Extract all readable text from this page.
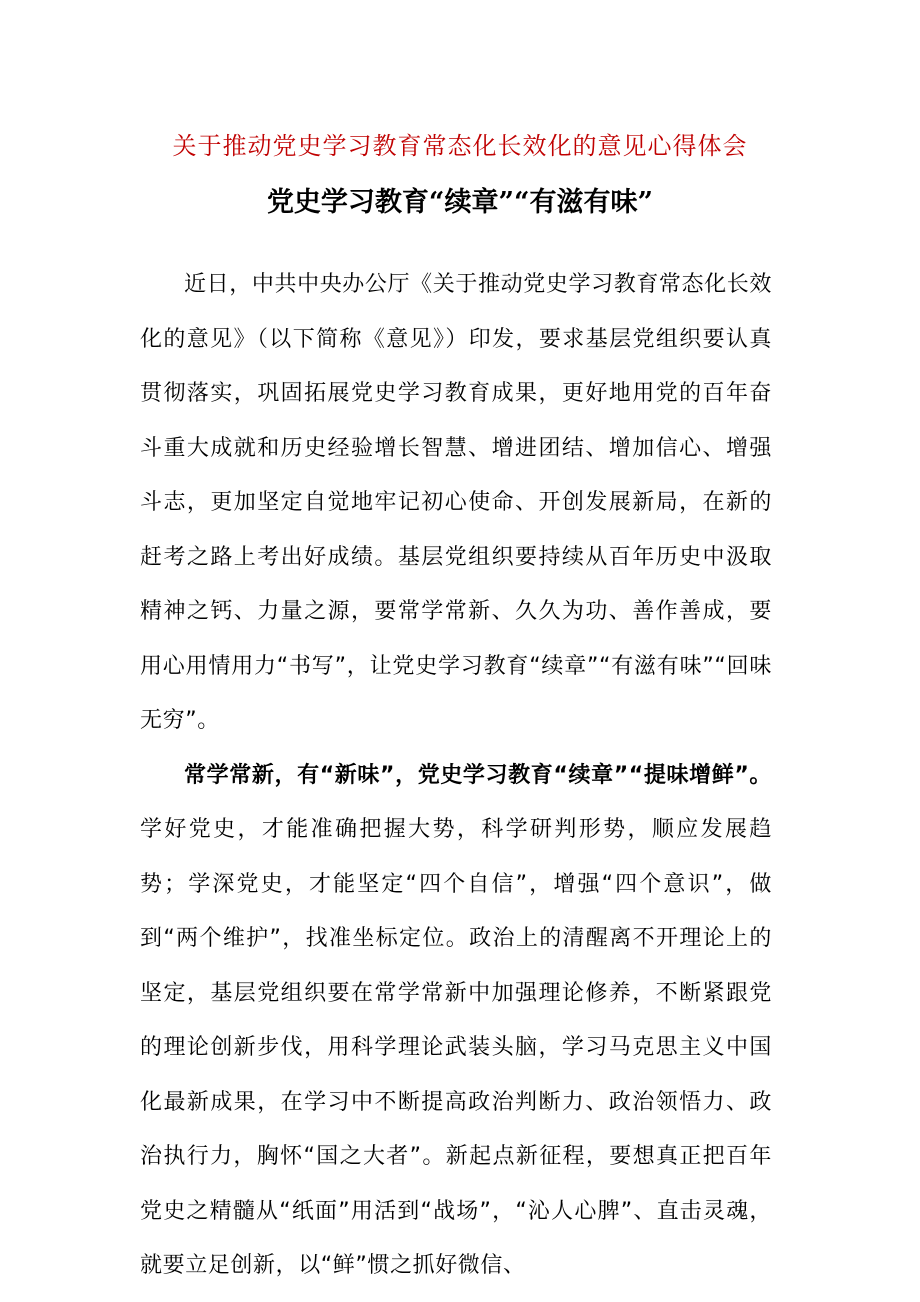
关于推动党史学习教育常态化长效化的意见心得体会
党史学习教育“续章”“有滋有味”

近日，中共中央办公厅《关于推动党史学习教育常态化长效化的意见》（以下简称《意见》）印发，要求基层党组织要认真贯彻落实，巩固拓展党史学习教育成果，更好地用党的百年奋斗重大成就和历史经验增长智慧、增进团结、增加信心、增强斗志，更加坚定自觉地牢记初心使命、开创发展新局，在新的赶考之路上考出好成绩。基层党组织要持续从百年历史中汲取精神之钙、力量之源，要常学常新、久久为功、善作善成，要用心用情用力“书写”，让党史学习教育“续章”“有滋有味”“回味无穷”。

常学常新，有“新味”，党史学习教育“续章”“提味增鲜”。学好党史，才能准确把握大势，科学研判形势，顺应发展趋势；学深党史，才能坚定“四个自信”，增强“四个意识”，做到“两个维护”，找准坐标定位。政治上的清醒离不开理论上的坚定，基层党组织要在常学常新中加强理论修养，不断紧跟党的理论创新步伐，用科学理论武装头脑，学习马克思主义中国化最新成果，在学习中不断提高政治判断力、政治领悟力、政治执行力，胸怀“国之大者”。新起点新征程，要想真正把百年党史之精髓从“纸面”用活到“战场”，“沁人心脾”、直击灵魂，就要立足创新，以“鲜”惯之抓好微信、
